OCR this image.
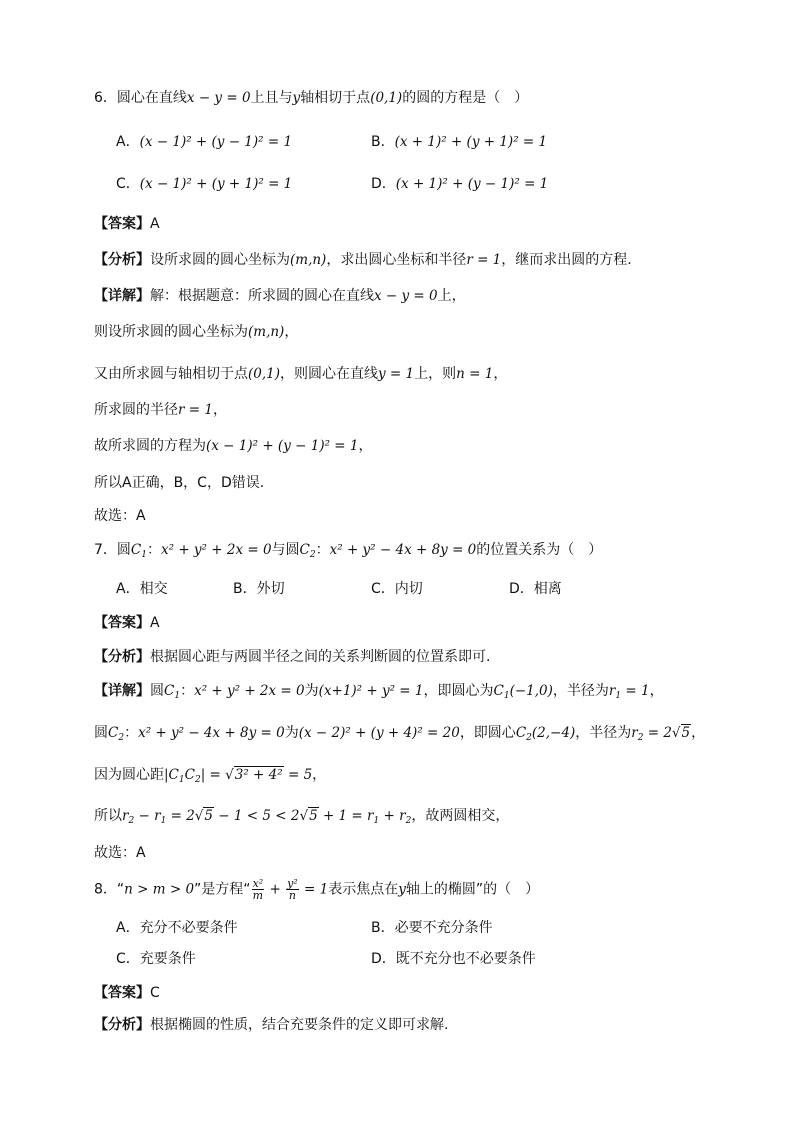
6．圆心在直线x − y = 0上且与y轴相切于点(0,1)的圆的方程是（　）
A．(x − 1)² + (y − 1)² = 1	B．(x + 1)² + (y + 1)² = 1
C．(x − 1)² + (y + 1)² = 1	D．(x + 1)² + (y − 1)² = 1
【答案】A
【分析】设所求圆的圆心坐标为(m,n)，求出圆心坐标和半径r = 1，继而求出圆的方程.
【详解】解：根据题意：所求圆的圆心在直线x − y = 0上，
则设所求圆的圆心坐标为(m,n)，
又由所求圆与轴相切于点(0,1)，则圆心在直线y = 1上，则n = 1，
所求圆的半径r = 1，
故所求圆的方程为(x − 1)² + (y − 1)² = 1，
所以A正确，B，C，D错误.
故选：A
7．圆$C_1$：x² + y² + 2x = 0与圆$C_2$：x² + y² − 4x + 8y = 0的位置关系为（　）
A．相交	B．外切	C．内切	D．相离
【答案】A
【分析】根据圆心距与两圆半径之间的关系判断圆的位置系即可.
【详解】圆$C_1$：x² + y² + 2x = 0为(x+1)² + y² = 1，即圆心为$C_1(-1,0)$，半径为$r_1 = 1$，
圆$C_2$：x² + y² − 4x + 8y = 0为(x − 2)² + (y + 4)² = 20，即圆心$C_2(2,-4)$，半径为$r_2 = 2√5$，
因为圆心距$|C_1C_2| = √3^2 + 4^2 = 5$，
所以$r_2 - r_1 = 2√5 - 1 < 5 < 2√5 + 1 = r_1 + r_2$，故两圆相交，
故选：A
8．“n > m > 0”是方程“ $\frac{\text{x²}}{m} + \frac{\text{y²}}{n} = 1$表示焦点在y轴上的椭圆”的（　）
A．充分不必要条件	B．必要不充分条件
C．充要条件	D．既不充分也不必要条件
【答案】C
【分析】根据椭圆的性质，结合充要条件的定义即可求解.
